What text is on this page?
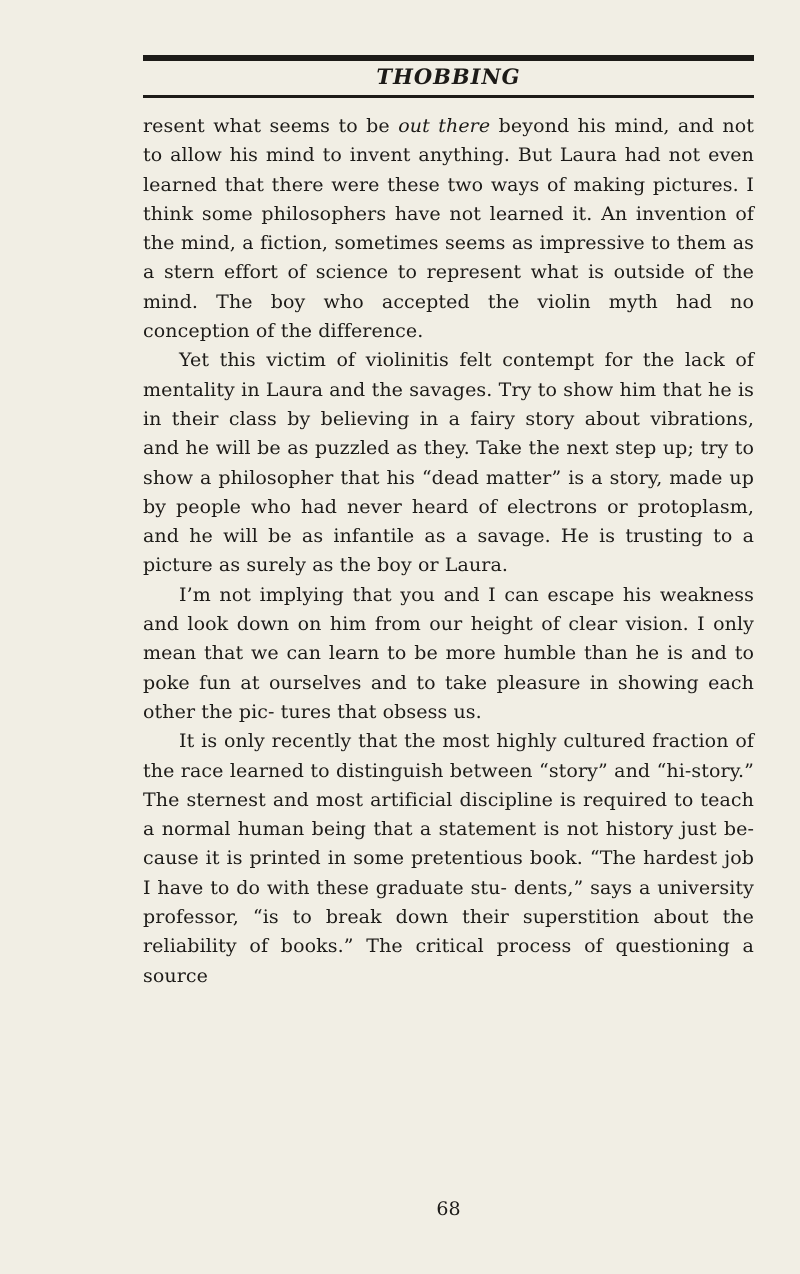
THOBBING

resent what seems to be out there beyond his mind, and not to allow his mind to invent anything. But Laura had not even learned that there were these two ways of making pictures. I think some philosophers have not learned it. An invention of the mind, a fiction, sometimes seems as impressive to them as a stern effort of science to represent what is outside of the mind. The boy who accepted the violin myth had no conception of the difference.

Yet this victim of violinitis felt contempt for the lack of mentality in Laura and the savages. Try to show him that he is in their class by believing in a fairy story about vibrations, and he will be as puzzled as they. Take the next step up; try to show a philosopher that his “dead matter” is a story, made up by people who had never heard of electrons or protoplasm, and he will be as infantile as a savage. He is trusting to a picture as surely as the boy or Laura.

I’m not implying that you and I can escape his weakness and look down on him from our height of clear vision. I only mean that we can learn to be more humble than he is and to poke fun at ourselves and to take pleasure in showing each other the pic- tures that obsess us.

It is only recently that the most highly cultured fraction of the race learned to distinguish between “story” and “hi-story.” The sternest and most artificial discipline is required to teach a normal human being that a statement is not history just be- cause it is printed in some pretentious book. “The hardest job I have to do with these graduate stu- dents,” says a university professor, “is to break down their superstition about the reliability of books.” The critical process of questioning a source

68
